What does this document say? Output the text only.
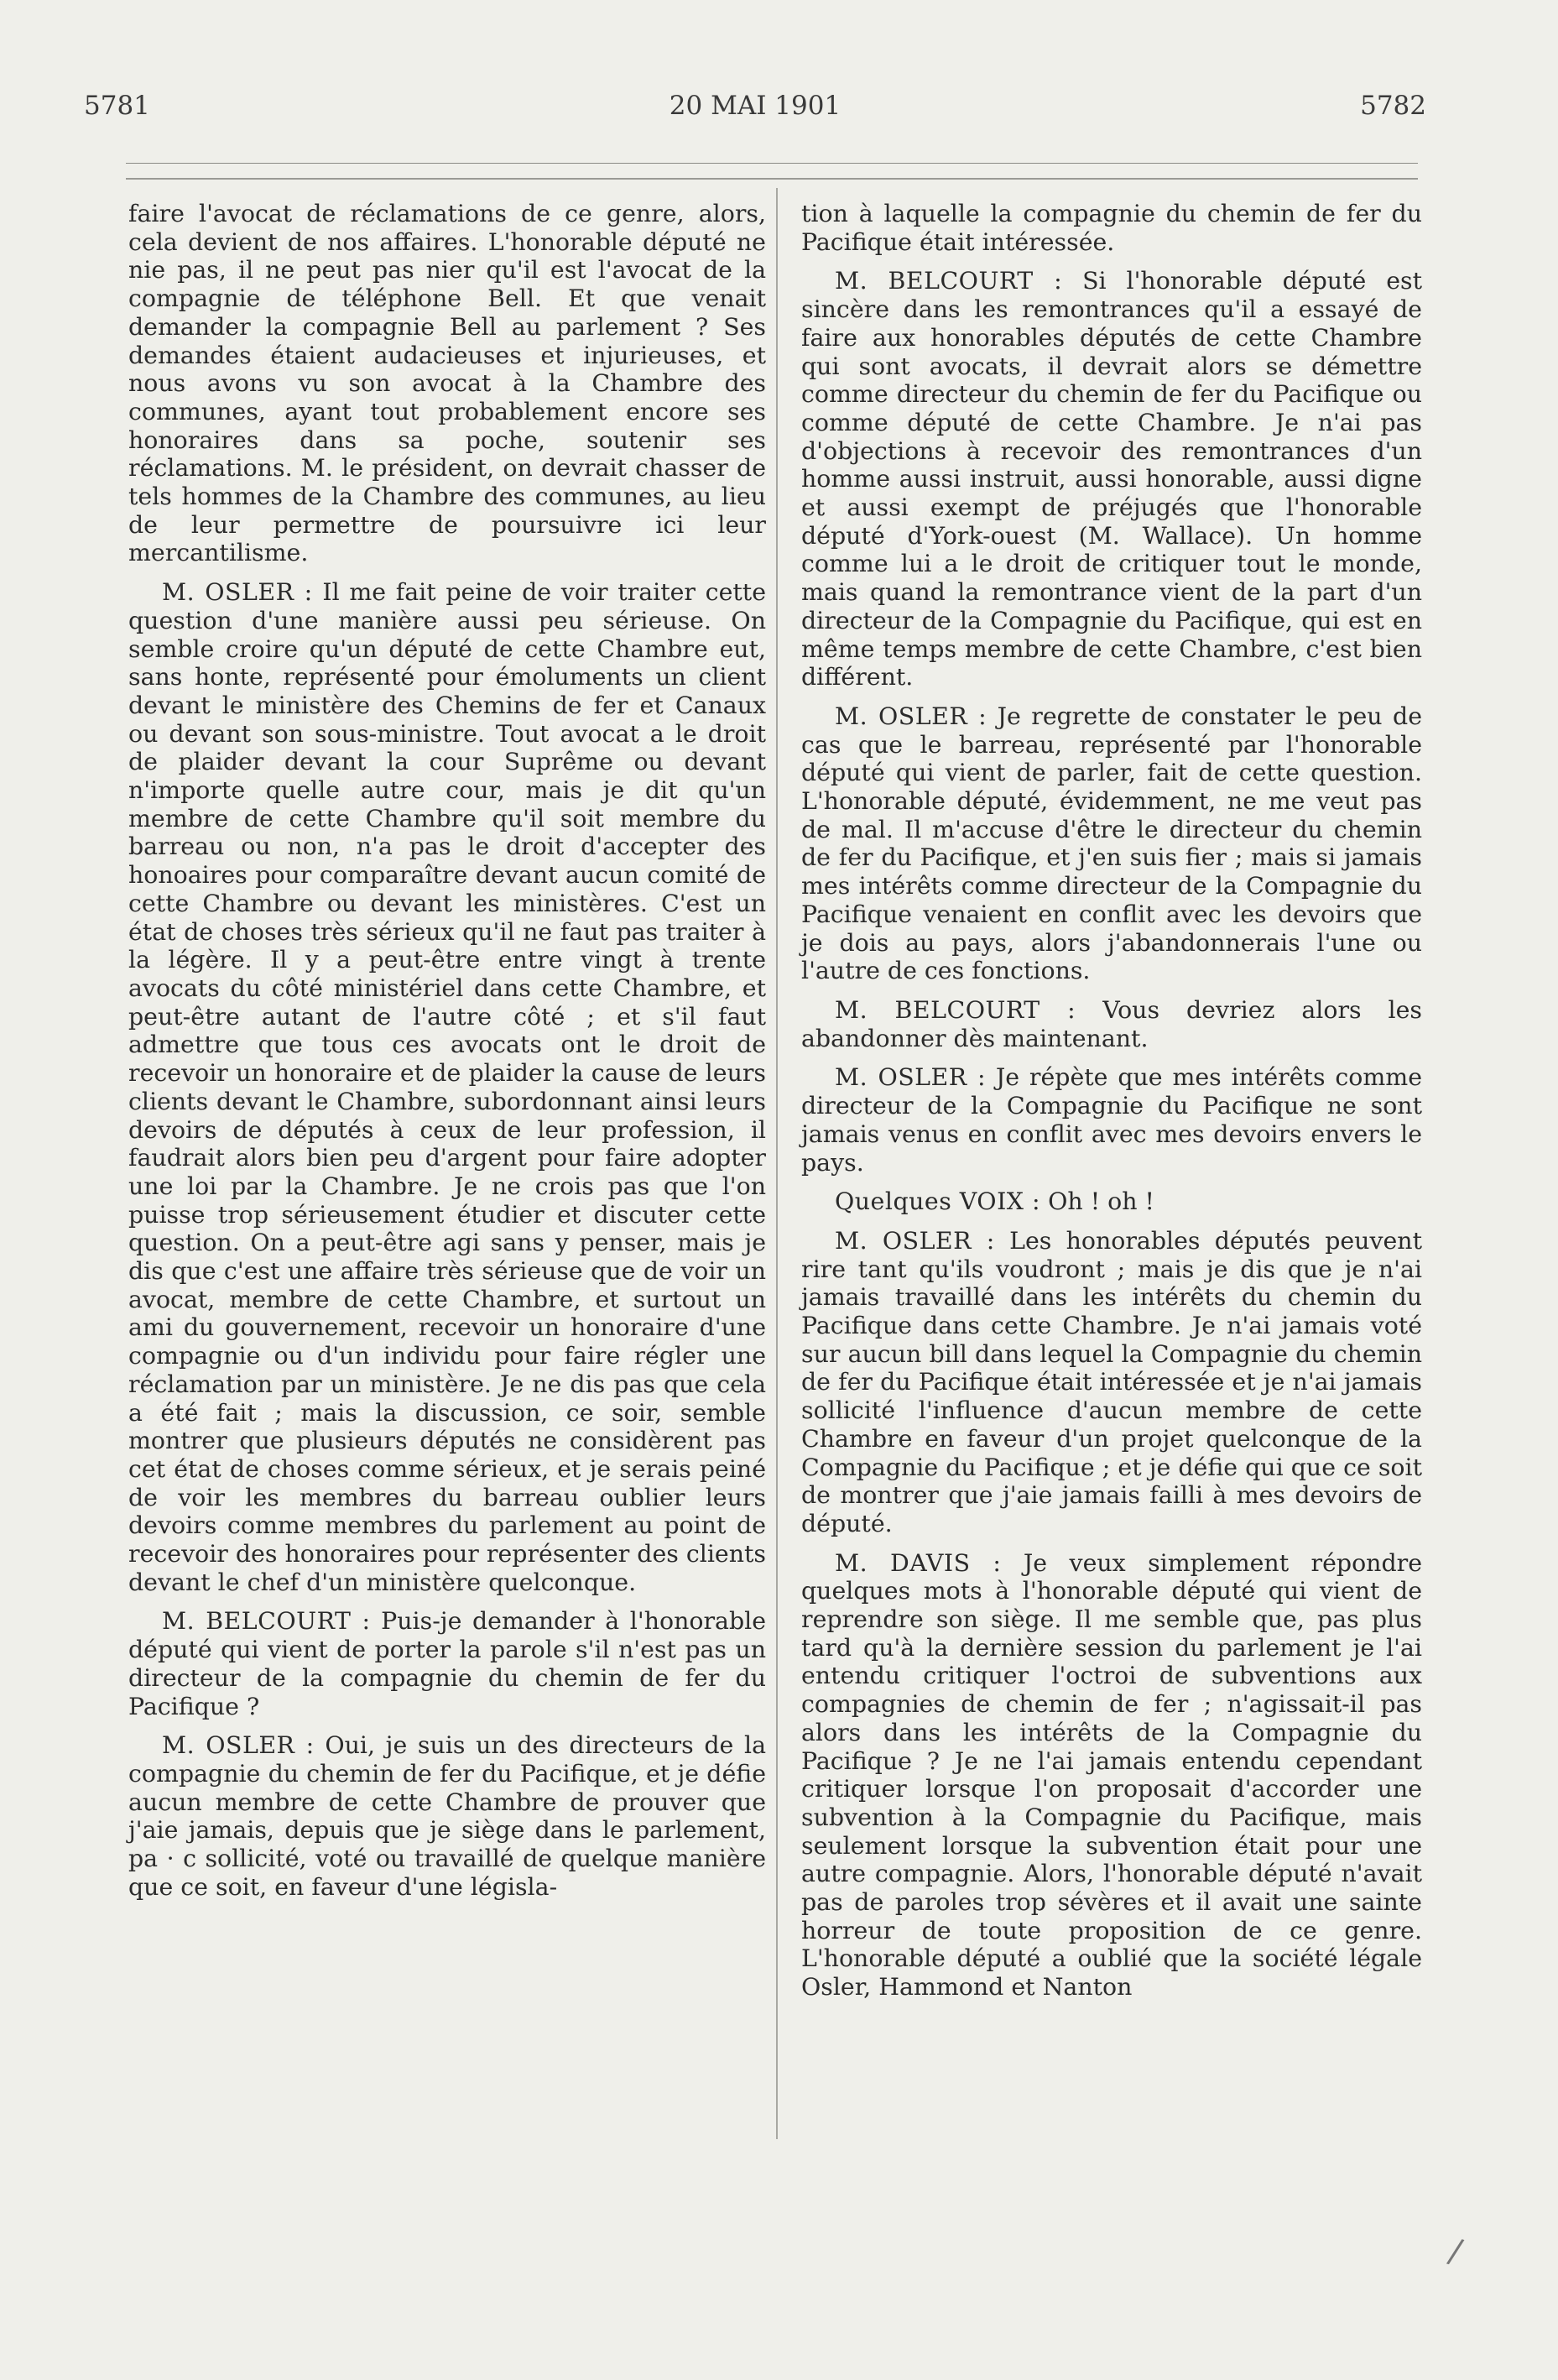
5781	20 MAI 1901	5782

faire l'avocat de réclamations de ce genre, alors, cela devient de nos affaires. L'honorable député ne nie pas, il ne peut pas nier qu'il est l'avocat de la compagnie de téléphone Bell. Et que venait demander la compagnie Bell au parlement ? Ses demandes étaient audacieuses et injurieuses, et nous avons vu son avocat à la Chambre des communes, ayant tout probablement encore ses honoraires dans sa poche, soutenir ses réclamations. M. le président, on devrait chasser de tels hommes de la Chambre des communes, au lieu de leur permettre de poursuivre ici leur mercantilisme.

M. OSLER : Il me fait peine de voir traiter cette question d'une manière aussi peu sérieuse. On semble croire qu'un député de cette Chambre eut, sans honte, représenté pour émoluments un client devant le ministère des Chemins de fer et Canaux ou devant son sous-ministre. Tout avocat a le droit de plaider devant la cour Suprême ou devant n'importe quelle autre cour, mais je dit qu'un membre de cette Chambre qu'il soit membre du barreau ou non, n'a pas le droit d'accepter des honoaires pour comparaître devant aucun comité de cette Chambre ou devant les ministères. C'est un état de choses très sérieux qu'il ne faut pas traiter à la légère. Il y a peut-être entre vingt à trente avocats du côté ministériel dans cette Chambre, et peut-être autant de l'autre côté ; et s'il faut admettre que tous ces avocats ont le droit de recevoir un honoraire et de plaider la cause de leurs clients devant le Chambre, subordonnant ainsi leurs devoirs de députés à ceux de leur profession, il faudrait alors bien peu d'argent pour faire adopter une loi par la Chambre. Je ne crois pas que l'on puisse trop sérieusement étudier et discuter cette question. On a peut-être agi sans y penser, mais je dis que c'est une affaire très sérieuse que de voir un avocat, membre de cette Chambre, et surtout un ami du gouvernement, recevoir un honoraire d'une compagnie ou d'un individu pour faire régler une réclamation par un ministère. Je ne dis pas que cela a été fait ; mais la discussion, ce soir, semble montrer que plusieurs députés ne considèrent pas cet état de choses comme sérieux, et je serais peiné de voir les membres du barreau oublier leurs devoirs comme membres du parlement au point de recevoir des honoraires pour représenter des clients devant le chef d'un ministère quelconque.

M. BELCOURT : Puis-je demander à l'honorable député qui vient de porter la parole s'il n'est pas un directeur de la compagnie du chemin de fer du Pacifique ?

M. OSLER : Oui, je suis un des directeurs de la compagnie du chemin de fer du Pacifique, et je défie aucun membre de cette Chambre de prouver que j'aie jamais, depuis que je siège dans le parlement, pa · c sollicité, voté ou travaillé de quelque manière que ce soit, en faveur d'une législa-

tion à laquelle la compagnie du chemin de fer du Pacifique était intéressée.

M. BELCOURT : Si l'honorable député est sincère dans les remontrances qu'il a essayé de faire aux honorables députés de cette Chambre qui sont avocats, il devrait alors se démettre comme directeur du chemin de fer du Pacifique ou comme député de cette Chambre. Je n'ai pas d'objections à recevoir des remontrances d'un homme aussi instruit, aussi honorable, aussi digne et aussi exempt de préjugés que l'honorable député d'York-ouest (M. Wallace). Un homme comme lui a le droit de critiquer tout le monde, mais quand la remontrance vient de la part d'un directeur de la Compagnie du Pacifique, qui est en même temps membre de cette Chambre, c'est bien différent.

M. OSLER : Je regrette de constater le peu de cas que le barreau, représenté par l'honorable député qui vient de parler, fait de cette question. L'honorable député, évidemment, ne me veut pas de mal. Il m'accuse d'être le directeur du chemin de fer du Pacifique, et j'en suis fier ; mais si jamais mes intérêts comme directeur de la Compagnie du Pacifique venaient en conflit avec les devoirs que je dois au pays, alors j'abandonnerais l'une ou l'autre de ces fonctions.

M. BELCOURT : Vous devriez alors les abandonner dès maintenant.

M. OSLER : Je répète que mes intérêts comme directeur de la Compagnie du Pacifique ne sont jamais venus en conflit avec mes devoirs envers le pays.

Quelques VOIX : Oh ! oh !

M. OSLER : Les honorables députés peuvent rire tant qu'ils voudront ; mais je dis que je n'ai jamais travaillé dans les intérêts du chemin du Pacifique dans cette Chambre. Je n'ai jamais voté sur aucun bill dans lequel la Compagnie du chemin de fer du Pacifique était intéressée et je n'ai jamais sollicité l'influence d'aucun membre de cette Chambre en faveur d'un projet quelconque de la Compagnie du Pacifique ; et je défie qui que ce soit de montrer que j'aie jamais failli à mes devoirs de député.

M. DAVIS : Je veux simplement répondre quelques mots à l'honorable député qui vient de reprendre son siège. Il me semble que, pas plus tard qu'à la dernière session du parlement je l'ai entendu critiquer l'octroi de subventions aux compagnies de chemin de fer ; n'agissait-il pas alors dans les intérêts de la Compagnie du Pacifique ? Je ne l'ai jamais entendu cependant critiquer lorsque l'on proposait d'accorder une subvention à la Compagnie du Pacifique, mais seulement lorsque la subvention était pour une autre compagnie. Alors, l'honorable député n'avait pas de paroles trop sévères et il avait une sainte horreur de toute proposition de ce genre. L'honorable député a oublié que la société légale Osler, Hammond et Nanton

/
